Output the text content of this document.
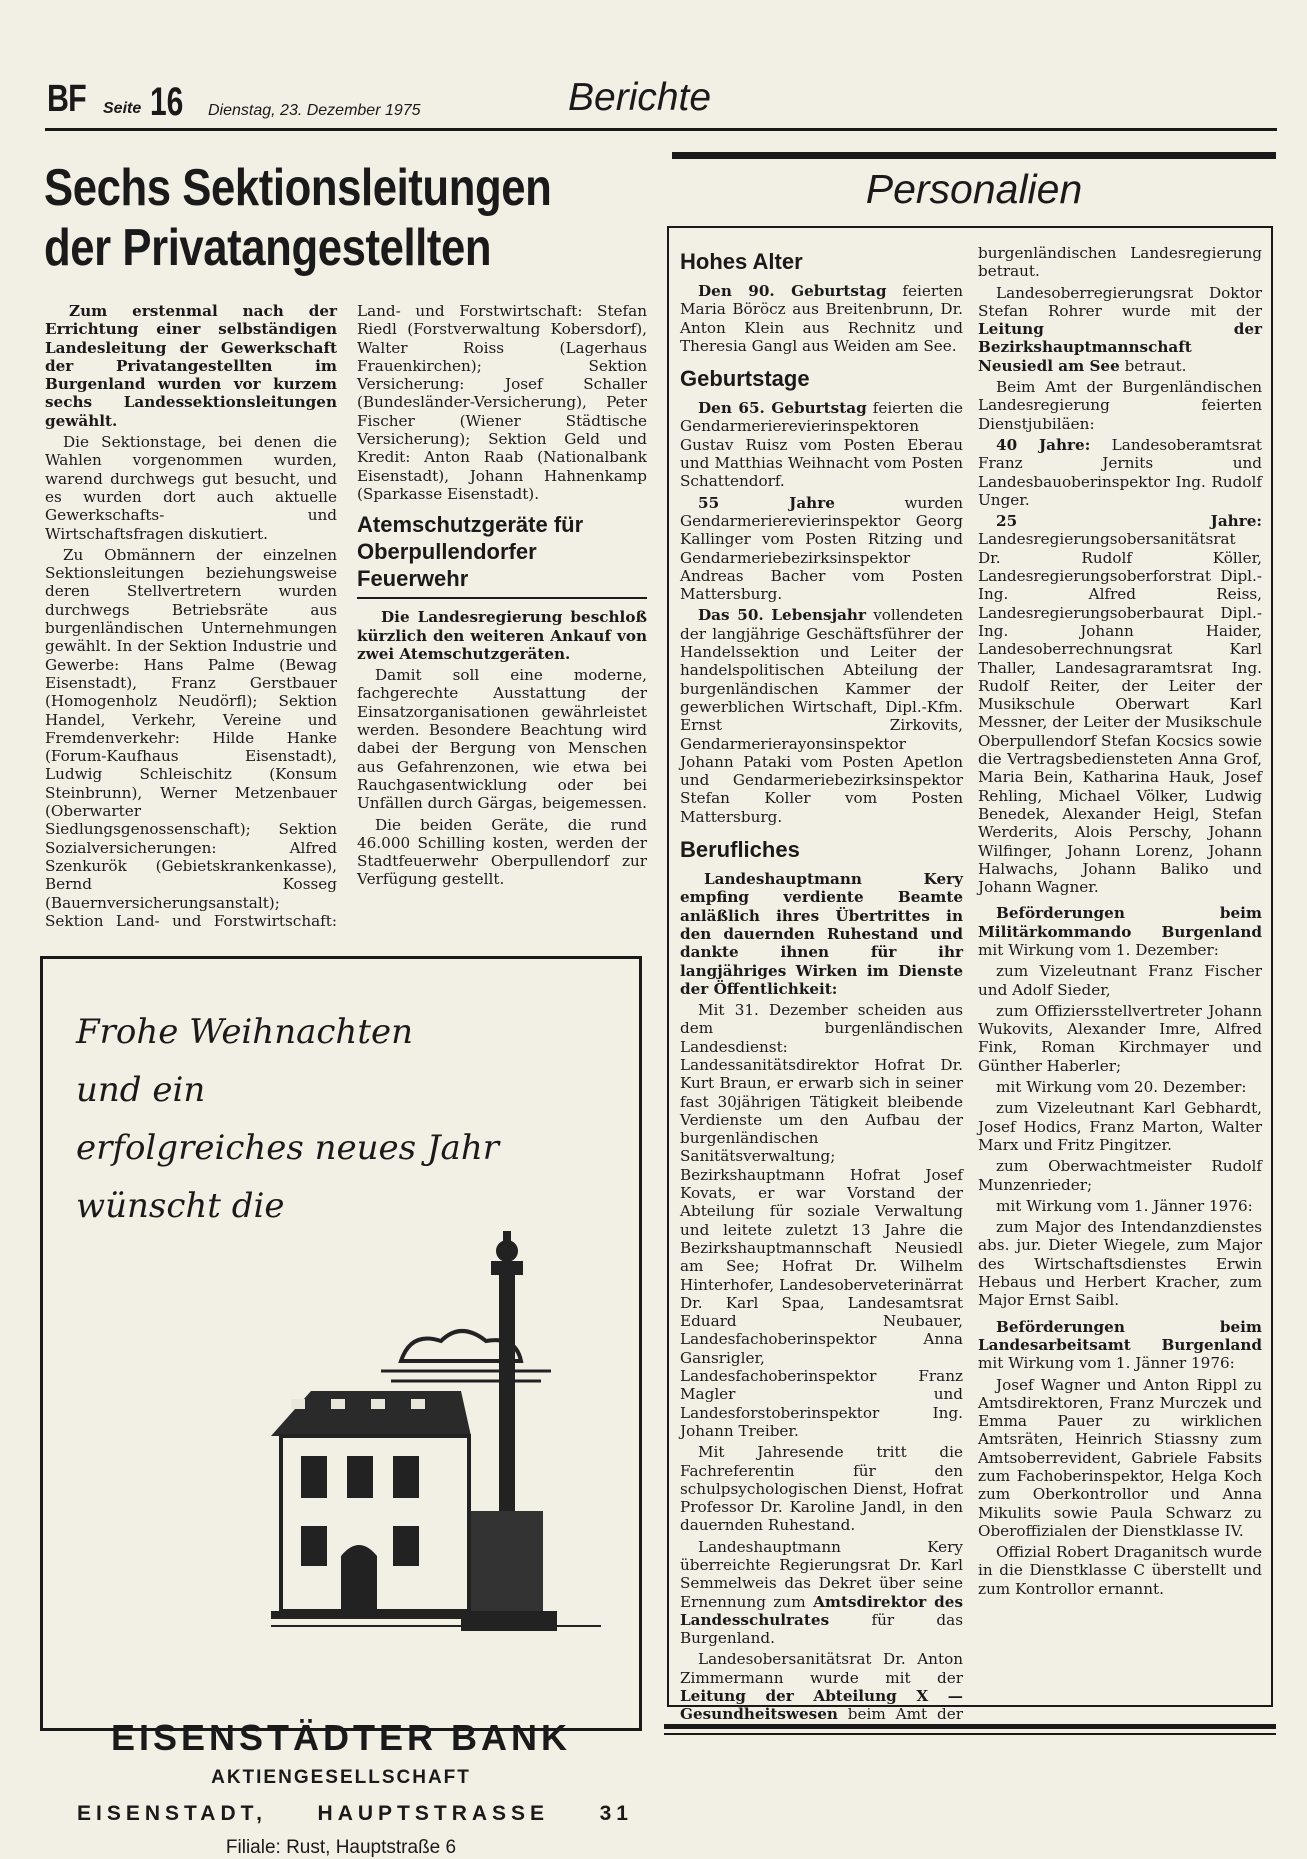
BF Seite 16 Dienstag, 23. Dezember 1975	Berichte
Sechs Sektionsleitungen
der Privatangestellten

Zum erstenmal nach der Errichtung einer selbständigen Landesleitung der Gewerkschaft der Privatangestellten im Burgenland wurden vor kurzem sechs Landessektionsleitungen gewählt.

Die Sektionstage, bei denen die Wahlen vorgenommen wurden, warend durchwegs gut besucht, und es wurden dort auch aktuelle Gewerkschafts- und Wirtschaftsfragen diskutiert.

Zu Obmännern der einzelnen Sektionsleitungen beziehungsweise deren Stellvertretern wurden durchwegs Betriebsräte aus burgenländischen Unternehmungen gewählt. In der Sektion Industrie und Gewerbe: Hans Palme (Bewag Eisenstadt), Franz Gerstbauer (Homogenholz Neudörfl); Sektion Handel, Verkehr, Vereine und Fremdenverkehr: Hilde Hanke (Forum-Kaufhaus Eisenstadt), Ludwig Schleischitz (Konsum Steinbrunn), Werner Metzenbauer (Oberwarter Siedlungsgenossenschaft); Sektion Sozialversicherungen: Alfred Szenkurök (Gebietskrankenkasse), Bernd Kosseg (Bauernversicherungsanstalt); Sektion Land- und Forstwirtschaft:

Land- und Forstwirtschaft: Stefan Riedl (Forstverwaltung Kobersdorf), Walter Roiss (Lagerhaus Frauenkirchen); Sektion Versicherung: Josef Schaller (Bundesländer-Versicherung), Peter Fischer (Wiener Städtische Versicherung); Sektion Geld und Kredit: Anton Raab (Nationalbank Eisenstadt), Johann Hahnenkamp (Sparkasse Eisenstadt).

Atemschutzgeräte für Oberpullendorfer Feuerwehr

Die Landesregierung beschloß kürzlich den weiteren Ankauf von zwei Atemschutzgeräten.

Damit soll eine moderne, fachgerechte Ausstattung der Einsatzorganisationen gewährleistet werden. Besondere Beachtung wird dabei der Bergung von Menschen aus Gefahrenzonen, wie etwa bei Rauchgasentwicklung oder bei Unfällen durch Gärgas, beigemessen.

Die beiden Geräte, die rund 46.000 Schilling kosten, werden der Stadtfeuerwehr Oberpullendorf zur Verfügung gestellt.

Frohe Weihnachten
und ein
erfolgreiches neues Jahr
wünscht die
EISENSTÄDTER BANK
AKTIENGESELLSCHAFT
EISENSTADT, HAUPTSTRASSE 31
Filiale: Rust, Hauptstraße 6
Personalien
Hohes Alter

Den 90. Geburtstag feierten Maria Böröcz aus Breitenbrunn, Dr. Anton Klein aus Rechnitz und Theresia Gangl aus Weiden am See.

Geburtstage

Den 65. Geburtstag feierten die Gendarmerierevierinspektoren Gustav Ruisz vom Posten Eberau und Matthias Weihnacht vom Posten Schattendorf.

55 Jahre wurden Gendarmerierevierinspektor Georg Kallinger vom Posten Ritzing und Gendarmeriebezirksinspektor Andreas Bacher vom Posten Mattersburg.

Das 50. Lebensjahr vollendeten der langjährige Geschäftsführer der Handelssektion und Leiter der handelspolitischen Abteilung der burgenländischen Kammer der gewerblichen Wirtschaft, Dipl.-Kfm. Ernst Zirkovits, Gendarmerierayonsinspektor Johann Pataki vom Posten Apetlon und Gendarmeriebezirksinspektor Stefan Koller vom Posten Mattersburg.

Berufliches

Landeshauptmann Kery empfing verdiente Beamte anläßlich ihres Übertrittes in den dauernden Ruhestand und dankte ihnen für ihr langjähriges Wirken im Dienste der Öffentlichkeit:

Mit 31. Dezember scheiden aus dem burgenländischen Landesdienst: Landessanitätsdirektor Hofrat Dr. Kurt Braun, er erwarb sich in seiner fast 30jährigen Tätigkeit bleibende Verdienste um den Aufbau der burgenländischen Sanitätsverwaltung; Bezirkshauptmann Hofrat Josef Kovats, er war Vorstand der Abteilung für soziale Verwaltung und leitete zuletzt 13 Jahre die Bezirkshauptmannschaft Neusiedl am See; Hofrat Dr. Wilhelm Hinterhofer, Landesoberveterinärrat Dr. Karl Spaa, Landesamtsrat Eduard Neubauer, Landesfachoberinspektor Anna Gansrigler, Landesfachoberinspektor Franz Magler und Landesforstoberinspektor Ing. Johann Treiber.

Mit Jahresende tritt die Fachreferentin für den schulpsychologischen Dienst, Hofrat Professor Dr. Karoline Jandl, in den dauernden Ruhestand.

Landeshauptmann Kery überreichte Regierungsrat Dr. Karl Semmelweis das Dekret über seine Ernennung zum Amtsdirektor des Landesschulrates für das Burgenland.

Landesobersanitätsrat Dr. Anton Zimmermann wurde mit der Leitung der Abteilung X — Gesundheitswesen beim Amt der

burgenländischen Landesregierung betraut.

Landesoberregierungsrat Doktor Stefan Rohrer wurde mit der Leitung der Bezirkshauptmannschaft Neusiedl am See betraut.

Beim Amt der Burgenländischen Landesregierung feierten Dienstjubiläen:

40 Jahre: Landesoberamtsrat Franz Jernits und Landesbauoberinspektor Ing. Rudolf Unger.

25 Jahre: Landesregierungsobersanitätsrat Dr. Rudolf Köller, Landesregierungsoberforstrat Dipl.-Ing. Alfred Reiss, Landesregierungsoberbaurat Dipl.-Ing. Johann Haider, Landesoberrechnungsrat Karl Thaller, Landesagraramtsrat Ing. Rudolf Reiter, der Leiter der Musikschule Oberwart Karl Messner, der Leiter der Musikschule Oberpullendorf Stefan Kocsics sowie die Vertragsbediensteten Anna Grof, Maria Bein, Katharina Hauk, Josef Rehling, Michael Völker, Ludwig Benedek, Alexander Heigl, Stefan Werderits, Alois Perschy, Johann Wilfinger, Johann Lorenz, Johann Halwachs, Johann Baliko und Johann Wagner.

Beförderungen beim Militärkommando Burgenland mit Wirkung vom 1. Dezember:

zum Vizeleutnant Franz Fischer und Adolf Sieder,

zum Offiziersstellvertreter Johann Wukovits, Alexander Imre, Alfred Fink, Roman Kirchmayer und Günther Haberler;

mit Wirkung vom 20. Dezember:

zum Vizeleutnant Karl Gebhardt, Josef Hodics, Franz Marton, Walter Marx und Fritz Pingitzer.

zum Oberwachtmeister Rudolf Munzenrieder;

mit Wirkung vom 1. Jänner 1976:

zum Major des Intendanzdienstes abs. jur. Dieter Wiegele, zum Major des Wirtschaftsdienstes Erwin Hebaus und Herbert Kracher, zum Major Ernst Saibl.

Beförderungen beim Landesarbeitsamt Burgenland mit Wirkung vom 1. Jänner 1976:

Josef Wagner und Anton Rippl zu Amtsdirektoren, Franz Murczek und Emma Pauer zu wirklichen Amtsräten, Heinrich Stiassny zum Amtsoberrevident, Gabriele Fabsits zum Fachoberinspektor, Helga Koch zum Oberkontrollor und Anna Mikulits sowie Paula Schwarz zu Oberoffizialen der Dienstklasse IV.

Offizial Robert Draganitsch wurde in die Dienstklasse C überstellt und zum Kontrollor ernannt.
